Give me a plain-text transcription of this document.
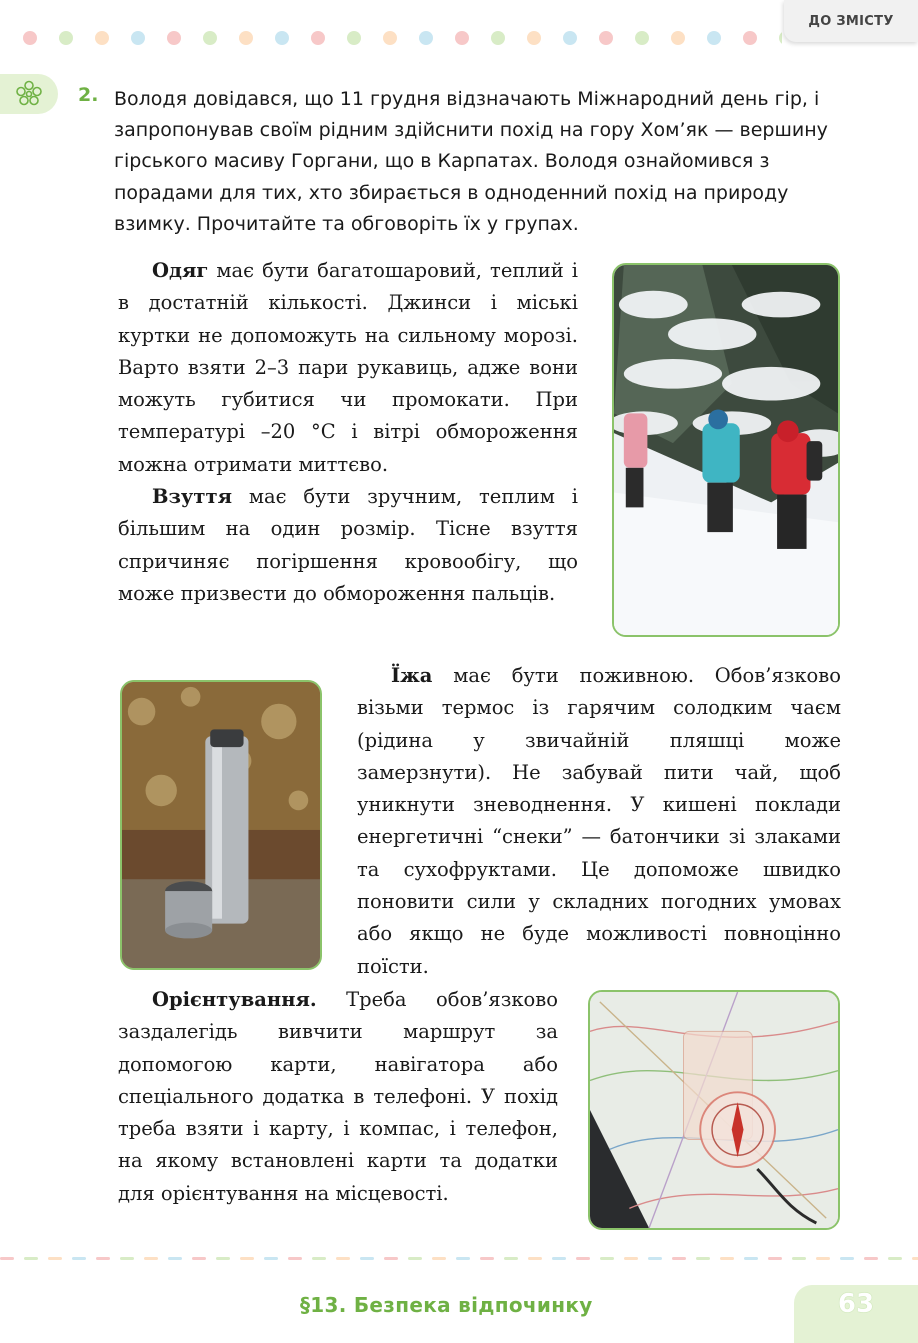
ДО ЗМІСТУ
2. Володя довідався, що 11 грудня відзначають Міжнародний день гір, і запропонував своїм рідним здійснити похід на гору Хом’як — вершину гірського масиву Горгани, що в Карпатах. Володя ознайомився з порадами для тих, хто збирається в одноденний похід на природу взимку. Прочитайте та обговоріть їх у групах.

Одяг має бути багатошаровий, теплий і в достатній кількості. Джинси і міські куртки не допоможуть на сильному морозі. Варто взяти 2–3 пари рукавиць, адже вони можуть губитися чи промокати. При температурі –20 °С і вітрі обмороження можна отримати миттєво.

Взуття має бути зручним, теплим і більшим на один розмір. Тісне взуття спричиняє погіршення кровообігу, що може призвести до обмороження пальців.

Їжа має бути поживною. Обов’язково візьми термос із гарячим солодким чаєм (рідина у звичайній пляшці може замерзнути). Не забувай пити чай, щоб уникнути зневоднення. У кишені поклади енергетичні “снеки” — батончики зі злаками та сухофруктами. Це допоможе швидко поновити сили у складних погодних умовах або якщо не буде можливості повноцінно поїсти.

Орієнтування. Треба обов’язково заздалегідь вивчити маршрут за допомогою карти, навігатора або спеціального додатка в телефоні. У похід треба взяти і карту, і компас, і телефон, на якому встановлені карти та додатки для орієнтування на місцевості.

§13. Безпека відпочинку	63
